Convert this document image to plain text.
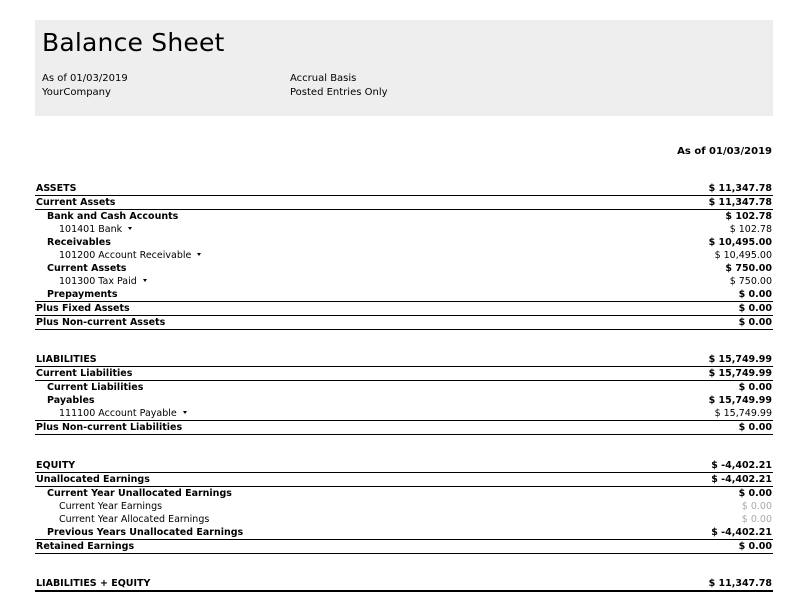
Balance Sheet
As of 01/03/2019
YourCompany
Accrual Basis
Posted Entries Only
As of 01/03/2019
ASSETS	$ 11,347.78
Current Assets	$ 11,347.78
Bank and Cash Accounts	$ 102.78
101401 Bank	$ 102.78
Receivables	$ 10,495.00
101200 Account Receivable	$ 10,495.00
Current Assets	$ 750.00
101300 Tax Paid	$ 750.00
Prepayments	$ 0.00
Plus Fixed Assets	$ 0.00
Plus Non-current Assets	$ 0.00
LIABILITIES	$ 15,749.99
Current Liabilities	$ 15,749.99
Current Liabilities	$ 0.00
Payables	$ 15,749.99
111100 Account Payable	$ 15,749.99
Plus Non-current Liabilities	$ 0.00
EQUITY	$ -4,402.21
Unallocated Earnings	$ -4,402.21
Current Year Unallocated Earnings	$ 0.00
Current Year Earnings	$ 0.00
Current Year Allocated Earnings	$ 0.00
Previous Years Unallocated Earnings	$ -4,402.21
Retained Earnings	$ 0.00
LIABILITIES + EQUITY	$ 11,347.78
